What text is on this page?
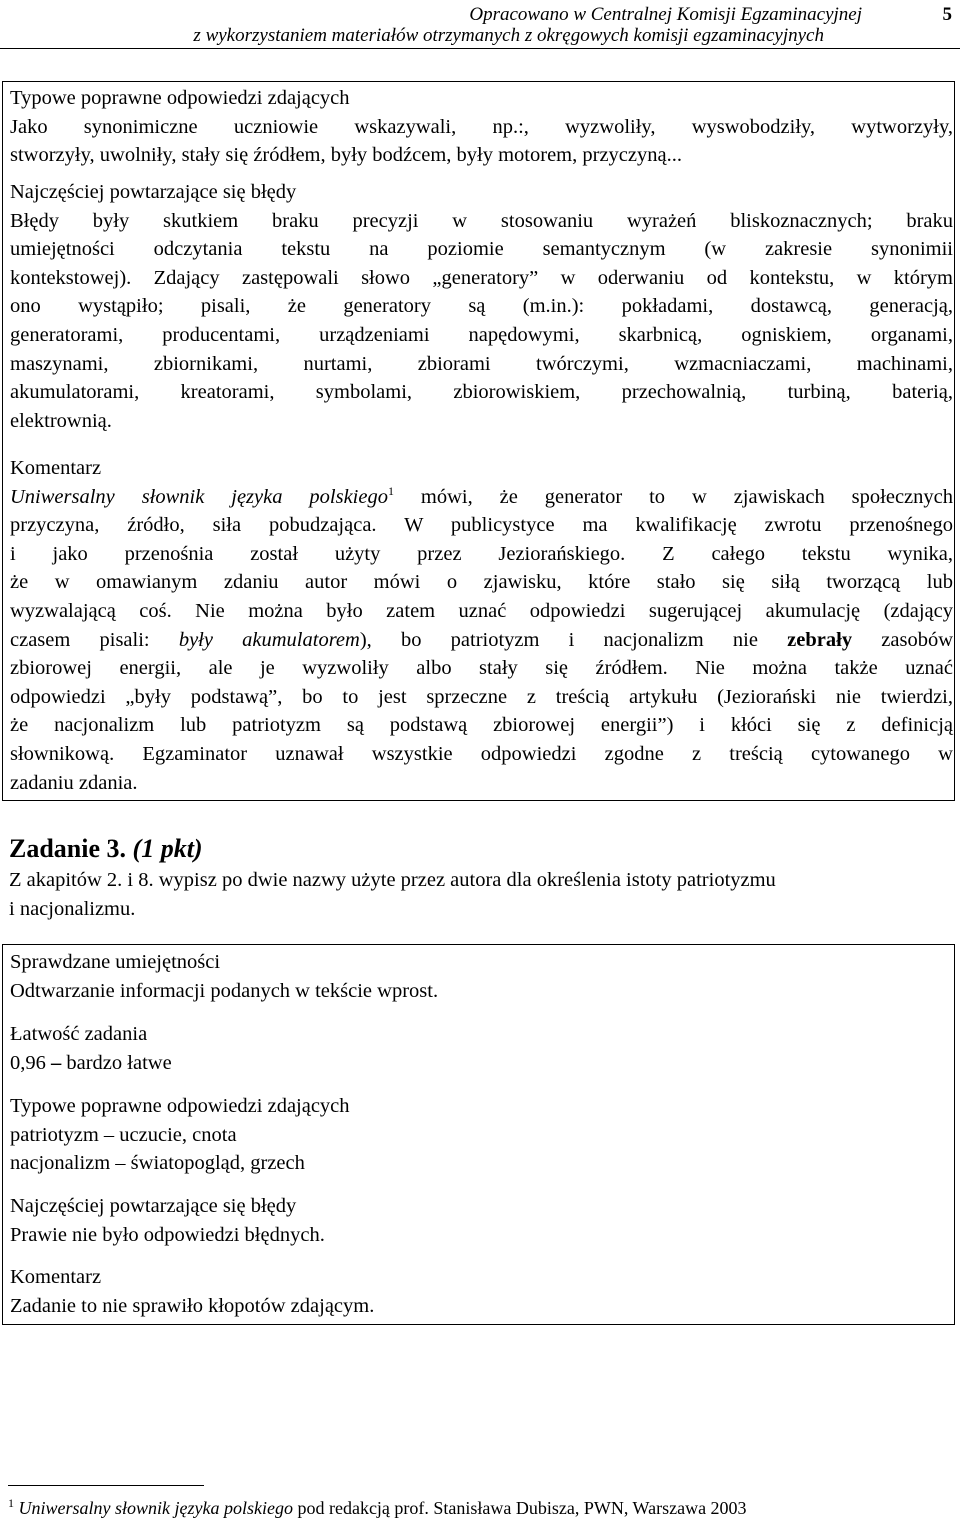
Opracowano w Centralnej Komisji Egzaminacyjnej
z wykorzystaniem materiałów otrzymanych z okręgowych komisji egzaminacyjnych
5
Typowe poprawne odpowiedzi zdających
Jako synonimiczne uczniowie wskazywali, np.:, wyzwoliły, wyswobodziły, wytworzyły,
stworzyły, uwolniły, stały się źródłem, były bodźcem, były motorem, przyczyną...
Najczęściej powtarzające się błędy
Błędy były skutkiem braku precyzji w stosowaniu wyrażeń bliskoznacznych; braku
umiejętności odczytania tekstu na poziomie semantycznym (w zakresie synonimii
kontekstowej). Zdający zastępowali słowo „generatory” w oderwaniu od kontekstu, w którym
ono wystąpiło; pisali, że generatory są (m.in.): pokładami, dostawcą, generacją,
generatorami, producentami, urządzeniami napędowymi, skarbnicą, ogniskiem, organami,
maszynami, zbiornikami, nurtami, zbiorami twórczymi, wzmacniaczami, machinami,
akumulatorami, kreatorami, symbolami, zbiorowiskiem, przechowalnią, turbiną, baterią,
elektrownią.
Komentarz
Uniwersalny słownik języka polskiego$^1$ mówi, że generator to w zjawiskach społecznych
przyczyna, źródło, siła pobudzająca. W publicystyce ma kwalifikację zwrotu przenośnego
i jako przenośnia został użyty przez Jeziorańskiego. Z całego tekstu wynika,
że w omawianym zdaniu autor mówi o zjawisku, które stało się siłą tworzącą lub
wyzwalającą coś. Nie można było zatem uznać odpowiedzi sugerującej akumulację (zdający
czasem pisali: były akumulatorem), bo patriotyzm i nacjonalizm nie zebrały zasobów
zbiorowej energii, ale je wyzwoliły albo stały się źródłem. Nie można także uznać
odpowiedzi „były podstawą”, bo to jest sprzeczne z treścią artykułu (Jeziorański nie twierdzi,
że nacjonalizm lub patriotyzm są podstawą zbiorowej energii”) i kłóci się z definicją
słownikową. Egzaminator uznawał wszystkie odpowiedzi zgodne z treścią cytowanego w
zadaniu zdania.
Zadanie 3. (1 pkt)
Z akapitów 2. i 8. wypisz po dwie nazwy użyte przez autora dla określenia istoty patriotyzmu
i nacjonalizmu.
Sprawdzane umiejętności
Odtwarzanie informacji podanych w tekście wprost.
Łatwość zadania
0,96 – bardzo łatwe
Typowe poprawne odpowiedzi zdających
patriotyzm – uczucie, cnota
nacjonalizm – światopogląd, grzech
Najczęściej powtarzające się błędy
Prawie nie było odpowiedzi błędnych.
Komentarz
Zadanie to nie sprawiło kłopotów zdającym.
$^1$ Uniwersalny słownik języka polskiego pod redakcją prof. Stanisława Dubisza, PWN, Warszawa 2003
